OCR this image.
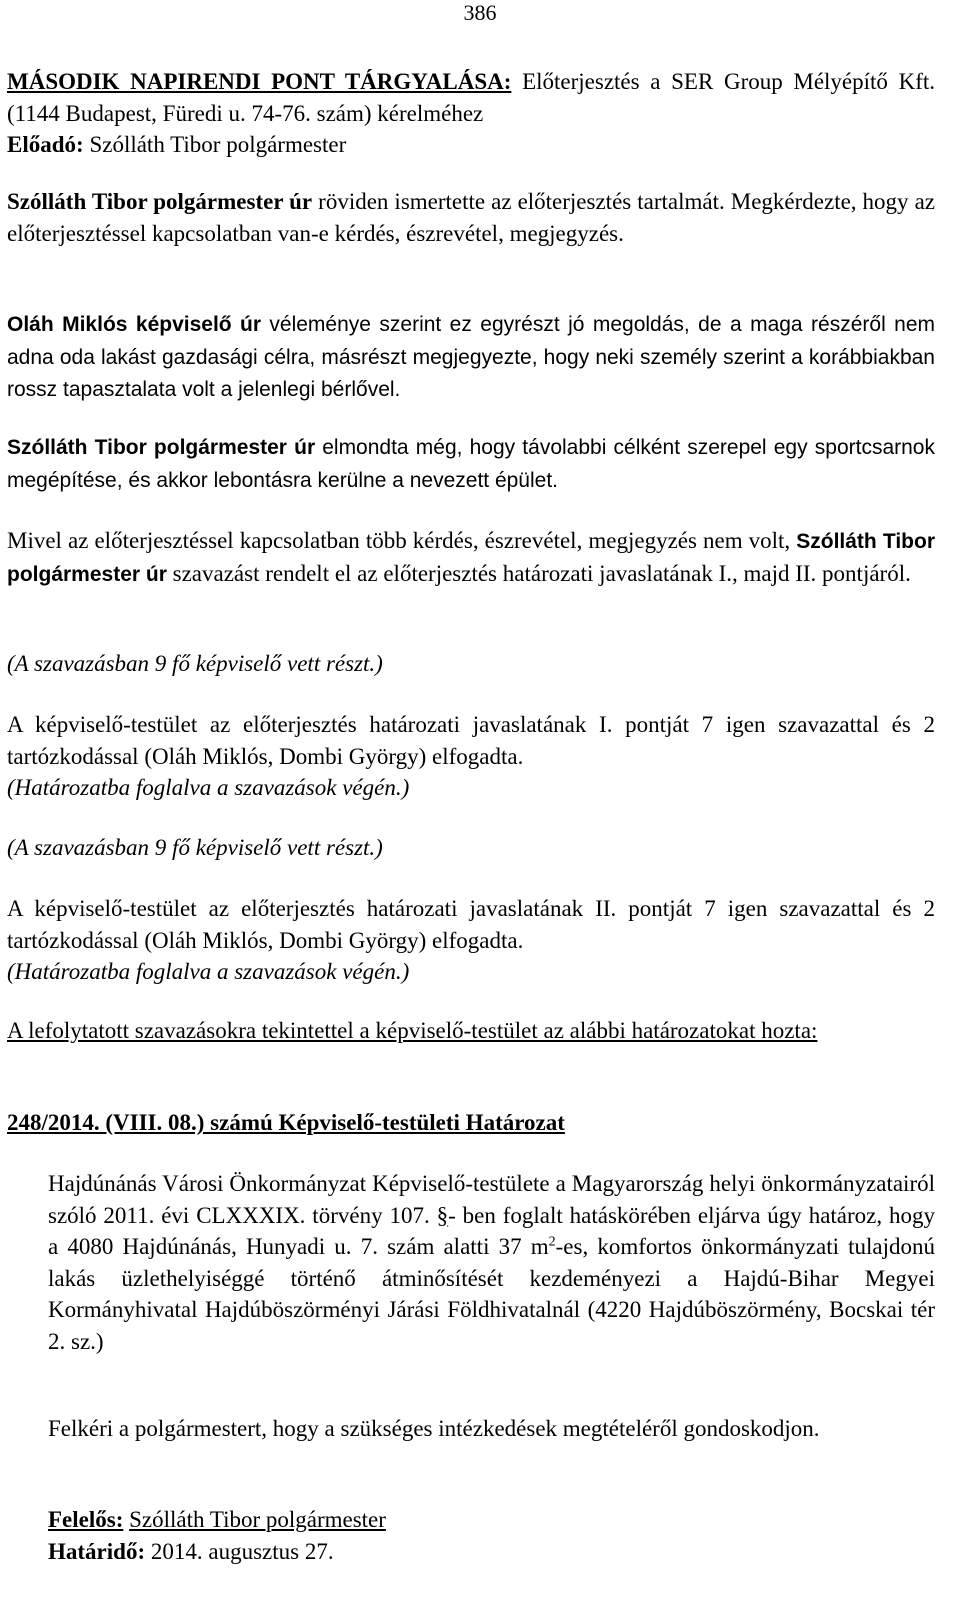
386

MÁSODIK NAPIRENDI PONT TÁRGYALÁSA: Előterjesztés a SER Group Mélyépítő Kft. (1144 Budapest, Füredi u. 74-76. szám) kérelméhez
Előadó: Szólláth Tibor polgármester

Szólláth Tibor polgármester úr röviden ismertette az előterjesztés tartalmát. Megkérdezte, hogy az előterjesztéssel kapcsolatban van-e kérdés, észrevétel, megjegyzés.

Oláh Miklós képviselő úr véleménye szerint ez egyrészt jó megoldás, de a maga részéről nem adna oda lakást gazdasági célra, másrészt megjegyezte, hogy neki személy szerint a korábbiakban rossz tapasztalata volt a jelenlegi bérlővel.

Szólláth Tibor polgármester úr elmondta még, hogy távolabbi célként szerepel egy sportcsarnok megépítése, és akkor lebontásra kerülne a nevezett épület.

Mivel az előterjesztéssel kapcsolatban több kérdés, észrevétel, megjegyzés nem volt, Szólláth Tibor polgármester úr szavazást rendelt el az előterjesztés határozati javaslatának I., majd II. pontjáról.

(A szavazásban 9 fő képviselő vett részt.)

A képviselő-testület az előterjesztés határozati javaslatának I. pontját 7 igen szavazattal és 2 tartózkodással (Oláh Miklós, Dombi György) elfogadta.
(Határozatba foglalva a szavazások végén.)

(A szavazásban 9 fő képviselő vett részt.)

A képviselő-testület az előterjesztés határozati javaslatának II. pontját 7 igen szavazattal és 2 tartózkodással (Oláh Miklós, Dombi György) elfogadta.
(Határozatba foglalva a szavazások végén.)

A lefolytatott szavazásokra tekintettel a képviselő-testület az alábbi határozatokat hozta:

248/2014. (VIII. 08.) számú Képviselő-testületi Határozat

Hajdúnánás Városi Önkormányzat Képviselő-testülete a Magyarország helyi önkormányzatairól szóló 2011. évi CLXXXIX. törvény 107. §- ben foglalt hatáskörében eljárva úgy határoz, hogy a 4080 Hajdúnánás, Hunyadi u. 7. szám alatti 37 $m^2-es$, komfortos önkormányzati tulajdonú lakás üzlethelyiséggé történő átminősítését kezdeményezi a Hajdú-Bihar Megyei Kormányhivatal Hajdúböszörményi Járási Földhivatalnál (4220 Hajdúböszörmény, Bocskai tér 2. sz.)

Felkéri a polgármestert, hogy a szükséges intézkedések megtételéről gondoskodjon.

Felelős: Szólláth Tibor polgármester
Határidő: 2014. augusztus 27.
